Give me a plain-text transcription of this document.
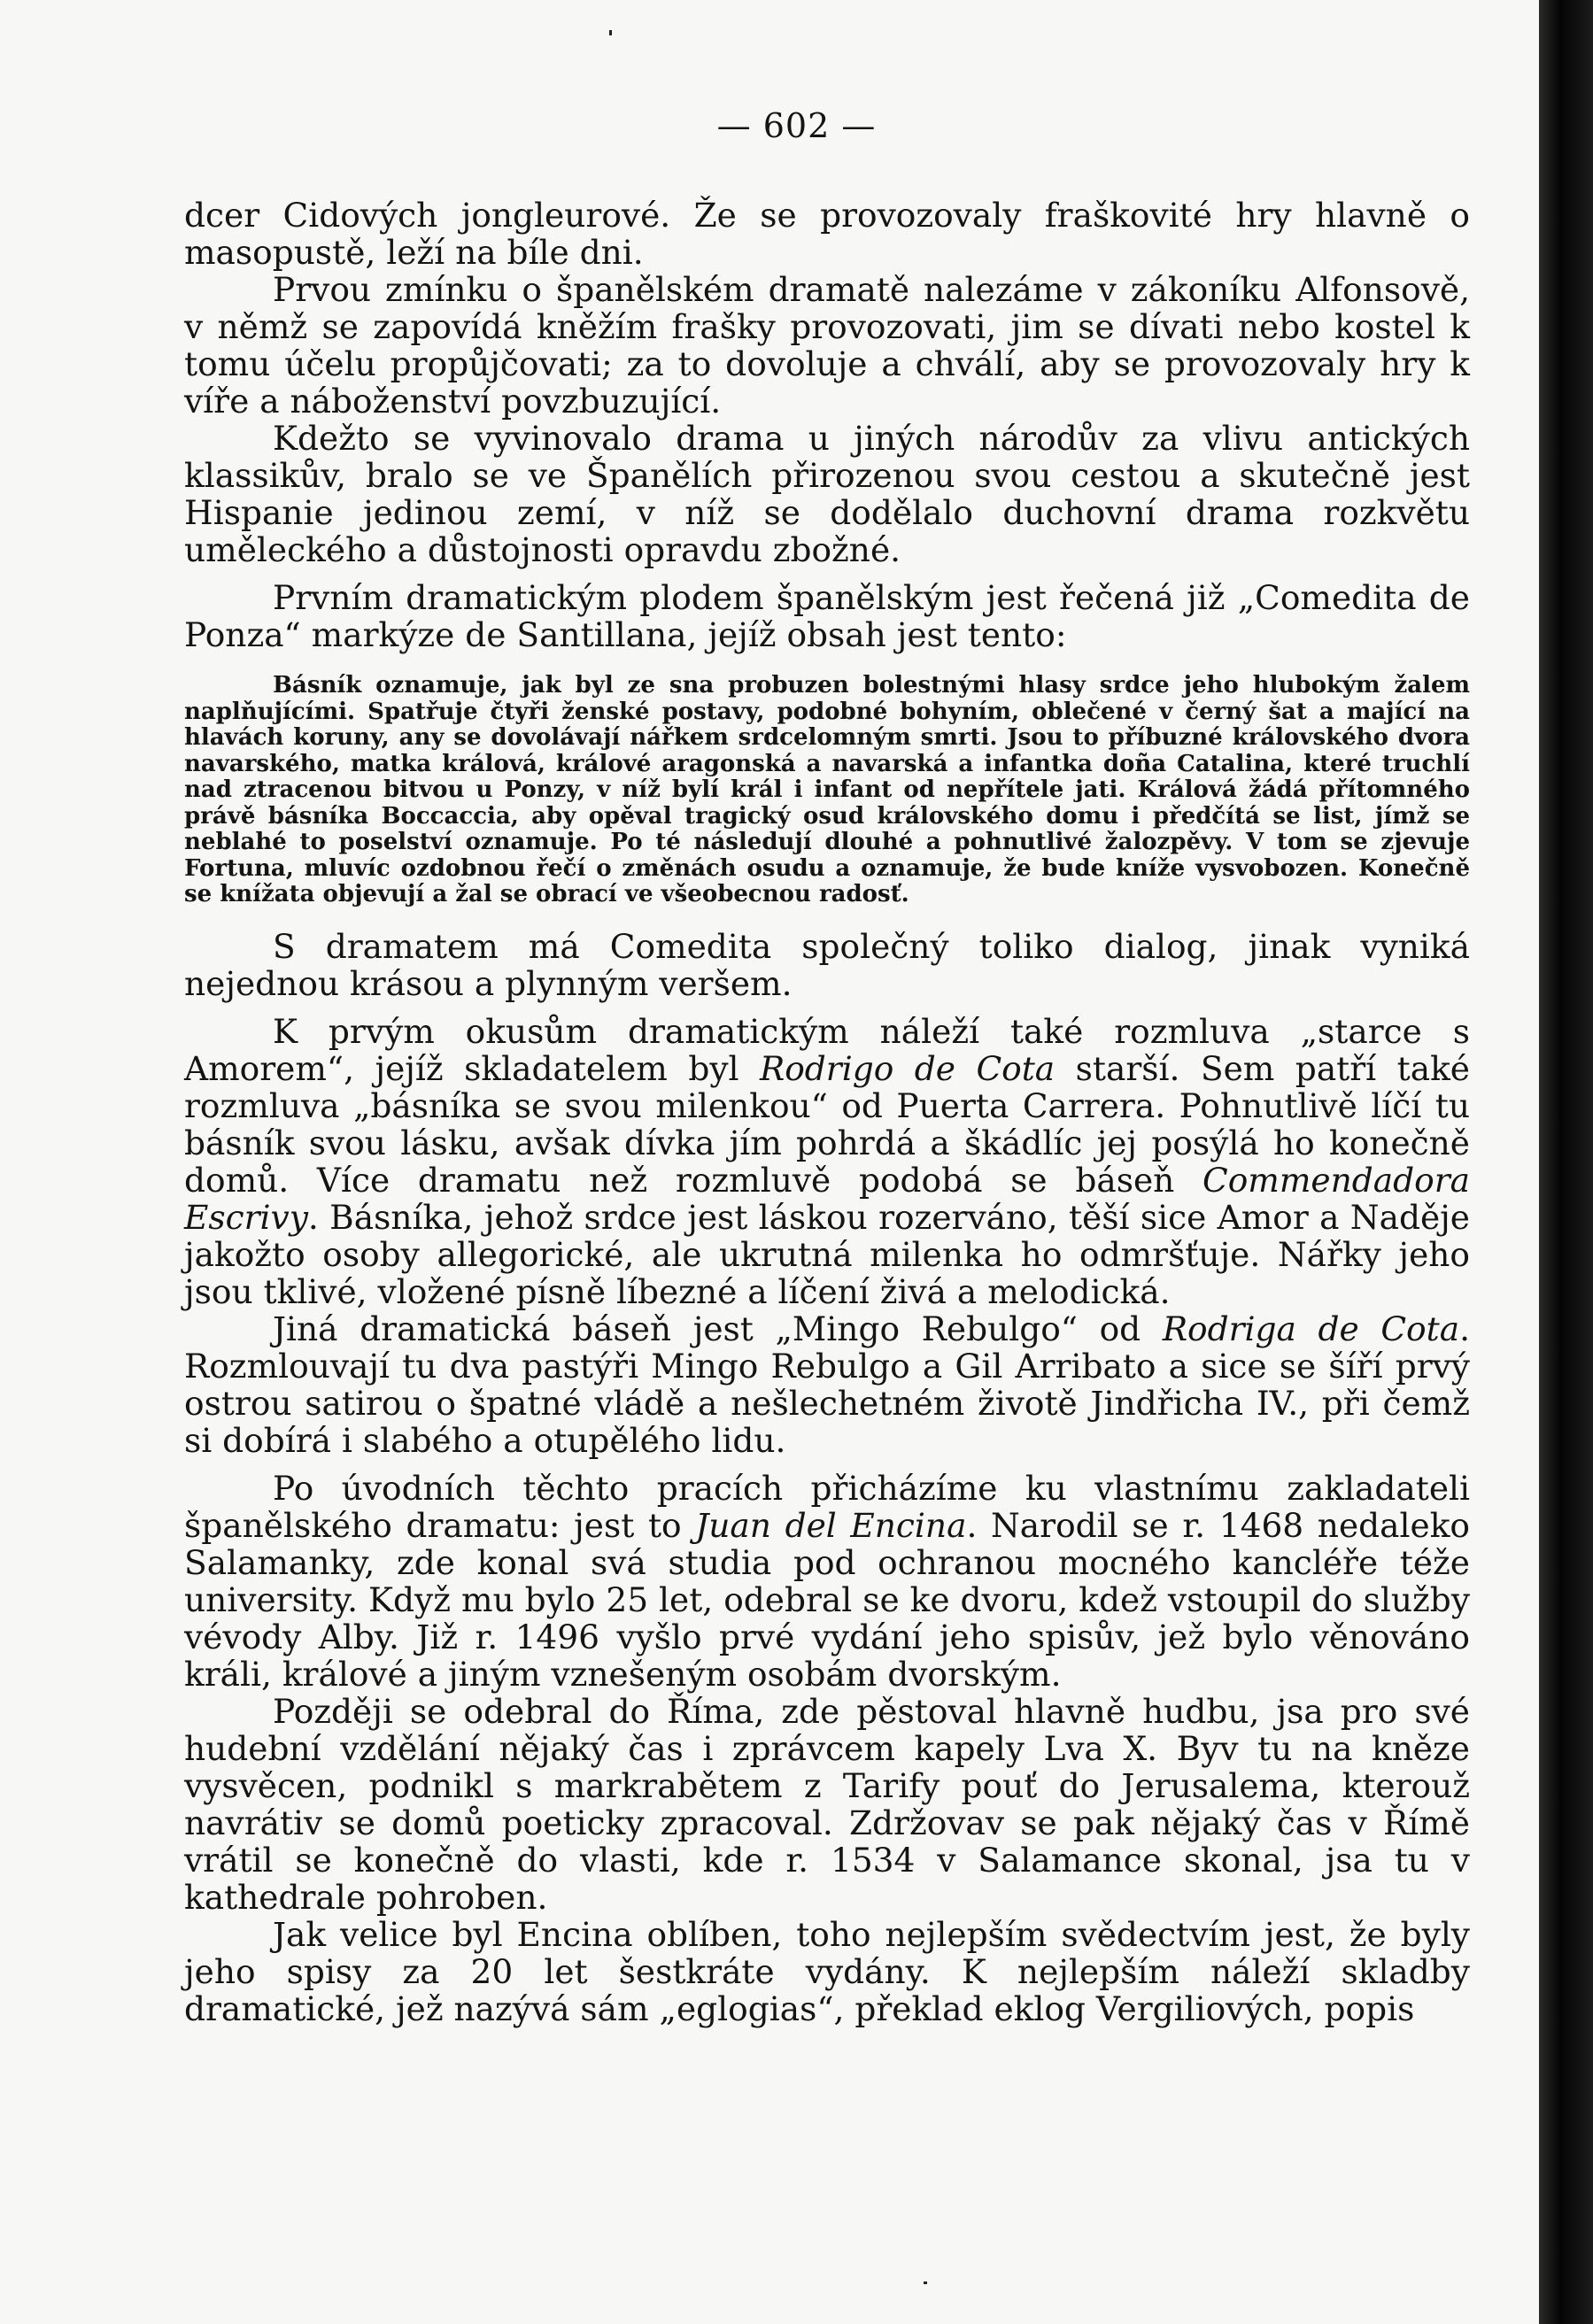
— 602 —

dcer Cidových jongleurové. Že se provozovaly fraškovité hry hlavně o masopustě, leží na bíle dni.

Prvou zmínku o španělském dramatě nalezáme v zákoníku Alfonsově, v němž se zapovídá kněžím frašky provozovati, jim se dívati nebo kostel k tomu účelu propůjčovati; za to dovoluje a chválí, aby se provozovaly hry k víře a náboženství povzbuzující.

Kdežto se vyvinovalo drama u jiných národův za vlivu antických klassikův, bralo se ve Španělích přirozenou svou cestou a skutečně jest Hispanie jedinou zemí, v níž se dodělalo duchovní drama rozkvětu uměleckého a důstojnosti opravdu zbožné.

Prvním dramatickým plodem španělským jest řečená již „Comedita de Ponza“ markýze de Santillana, jejíž obsah jest tento:

Básník oznamuje, jak byl ze sna probuzen bolestnými hlasy srdce jeho hlubokým žalem naplňujícími. Spatřuje čtyři ženské postavy, podobné bohyním, oblečené v černý šat a mající na hlavách koruny, any se dovolávají nářkem srdcelomným smrti. Jsou to příbuzné královského dvora navarského, matka králová, králové aragonská a navarská a infantka doña Catalina, které truchlí nad ztracenou bitvou u Ponzy, v níž bylí král i infant od nepřítele jati. Králová žádá přítomného právě básníka Boccaccia, aby opěval tragický osud královského domu i předčítá se list, jímž se neblahé to poselství oznamuje. Po té následují dlouhé a pohnutlivé žalozpěvy. V tom se zjevuje Fortuna, mluvíc ozdobnou řečí o změnách osudu a oznamuje, že bude kníže vysvobozen. Konečně se knížata objevují a žal se obrací ve všeobecnou radosť.

S dramatem má Comedita společný toliko dialog, jinak vyniká nejednou krásou a plynným veršem.

K prvým okusům dramatickým náleží také rozmluva „starce s Amorem“, jejíž skladatelem byl Rodrigo de Cota starší. Sem patří také rozmluva „básníka se svou milenkou“ od Puerta Carrera. Pohnutlivě líčí tu básník svou lásku, avšak dívka jím pohrdá a škádlíc jej posýlá ho konečně domů. Více dramatu než rozmluvě podobá se báseň Commendadora Escrivy. Básníka, jehož srdce jest láskou rozerváno, těší sice Amor a Naděje jakožto osoby allegorické, ale ukrutná milenka ho odmršťuje. Nářky jeho jsou tklivé, vložené písně líbezné a líčení živá a melodická.

Jiná dramatická báseň jest „Mingo Rebulgo“ od Rodriga de Cota. Rozmlouvají tu dva pastýři Mingo Rebulgo a Gil Arribato a sice se šíří prvý ostrou satirou o špatné vládě a nešlechetném životě Jindřicha IV., při čemž si dobírá i slabého a otupělého lidu.

Po úvodních těchto pracích přicházíme ku vlastnímu zakladateli španělského dramatu: jest to Juan del Encina. Narodil se r. 1468 nedaleko Salamanky, zde konal svá studia pod ochranou mocného kancléře téže university. Když mu bylo 25 let, odebral se ke dvoru, kdež vstoupil do služby vévody Alby. Již r. 1496 vyšlo prvé vydání jeho spisův, jež bylo věnováno králi, králové a jiným vznešeným osobám dvorským.

Později se odebral do Říma, zde pěstoval hlavně hudbu, jsa pro své hudební vzdělání nějaký čas i zprávcem kapely Lva X. Byv tu na kněze vysvěcen, podnikl s markrabětem z Tarify pouť do Jerusalema, kterouž navrátiv se domů poeticky zpracoval. Zdržovav se pak nějaký čas v Římě vrátil se konečně do vlasti, kde r. 1534 v Salamance skonal, jsa tu v kathedrale pohroben.

Jak velice byl Encina oblíben, toho nejlepším svědectvím jest, že byly jeho spisy za 20 let šestkráte vydány. K nejlepším náleží skladby dramatické, jež nazývá sám „eglogias“, překlad eklog Vergiliových, popis
